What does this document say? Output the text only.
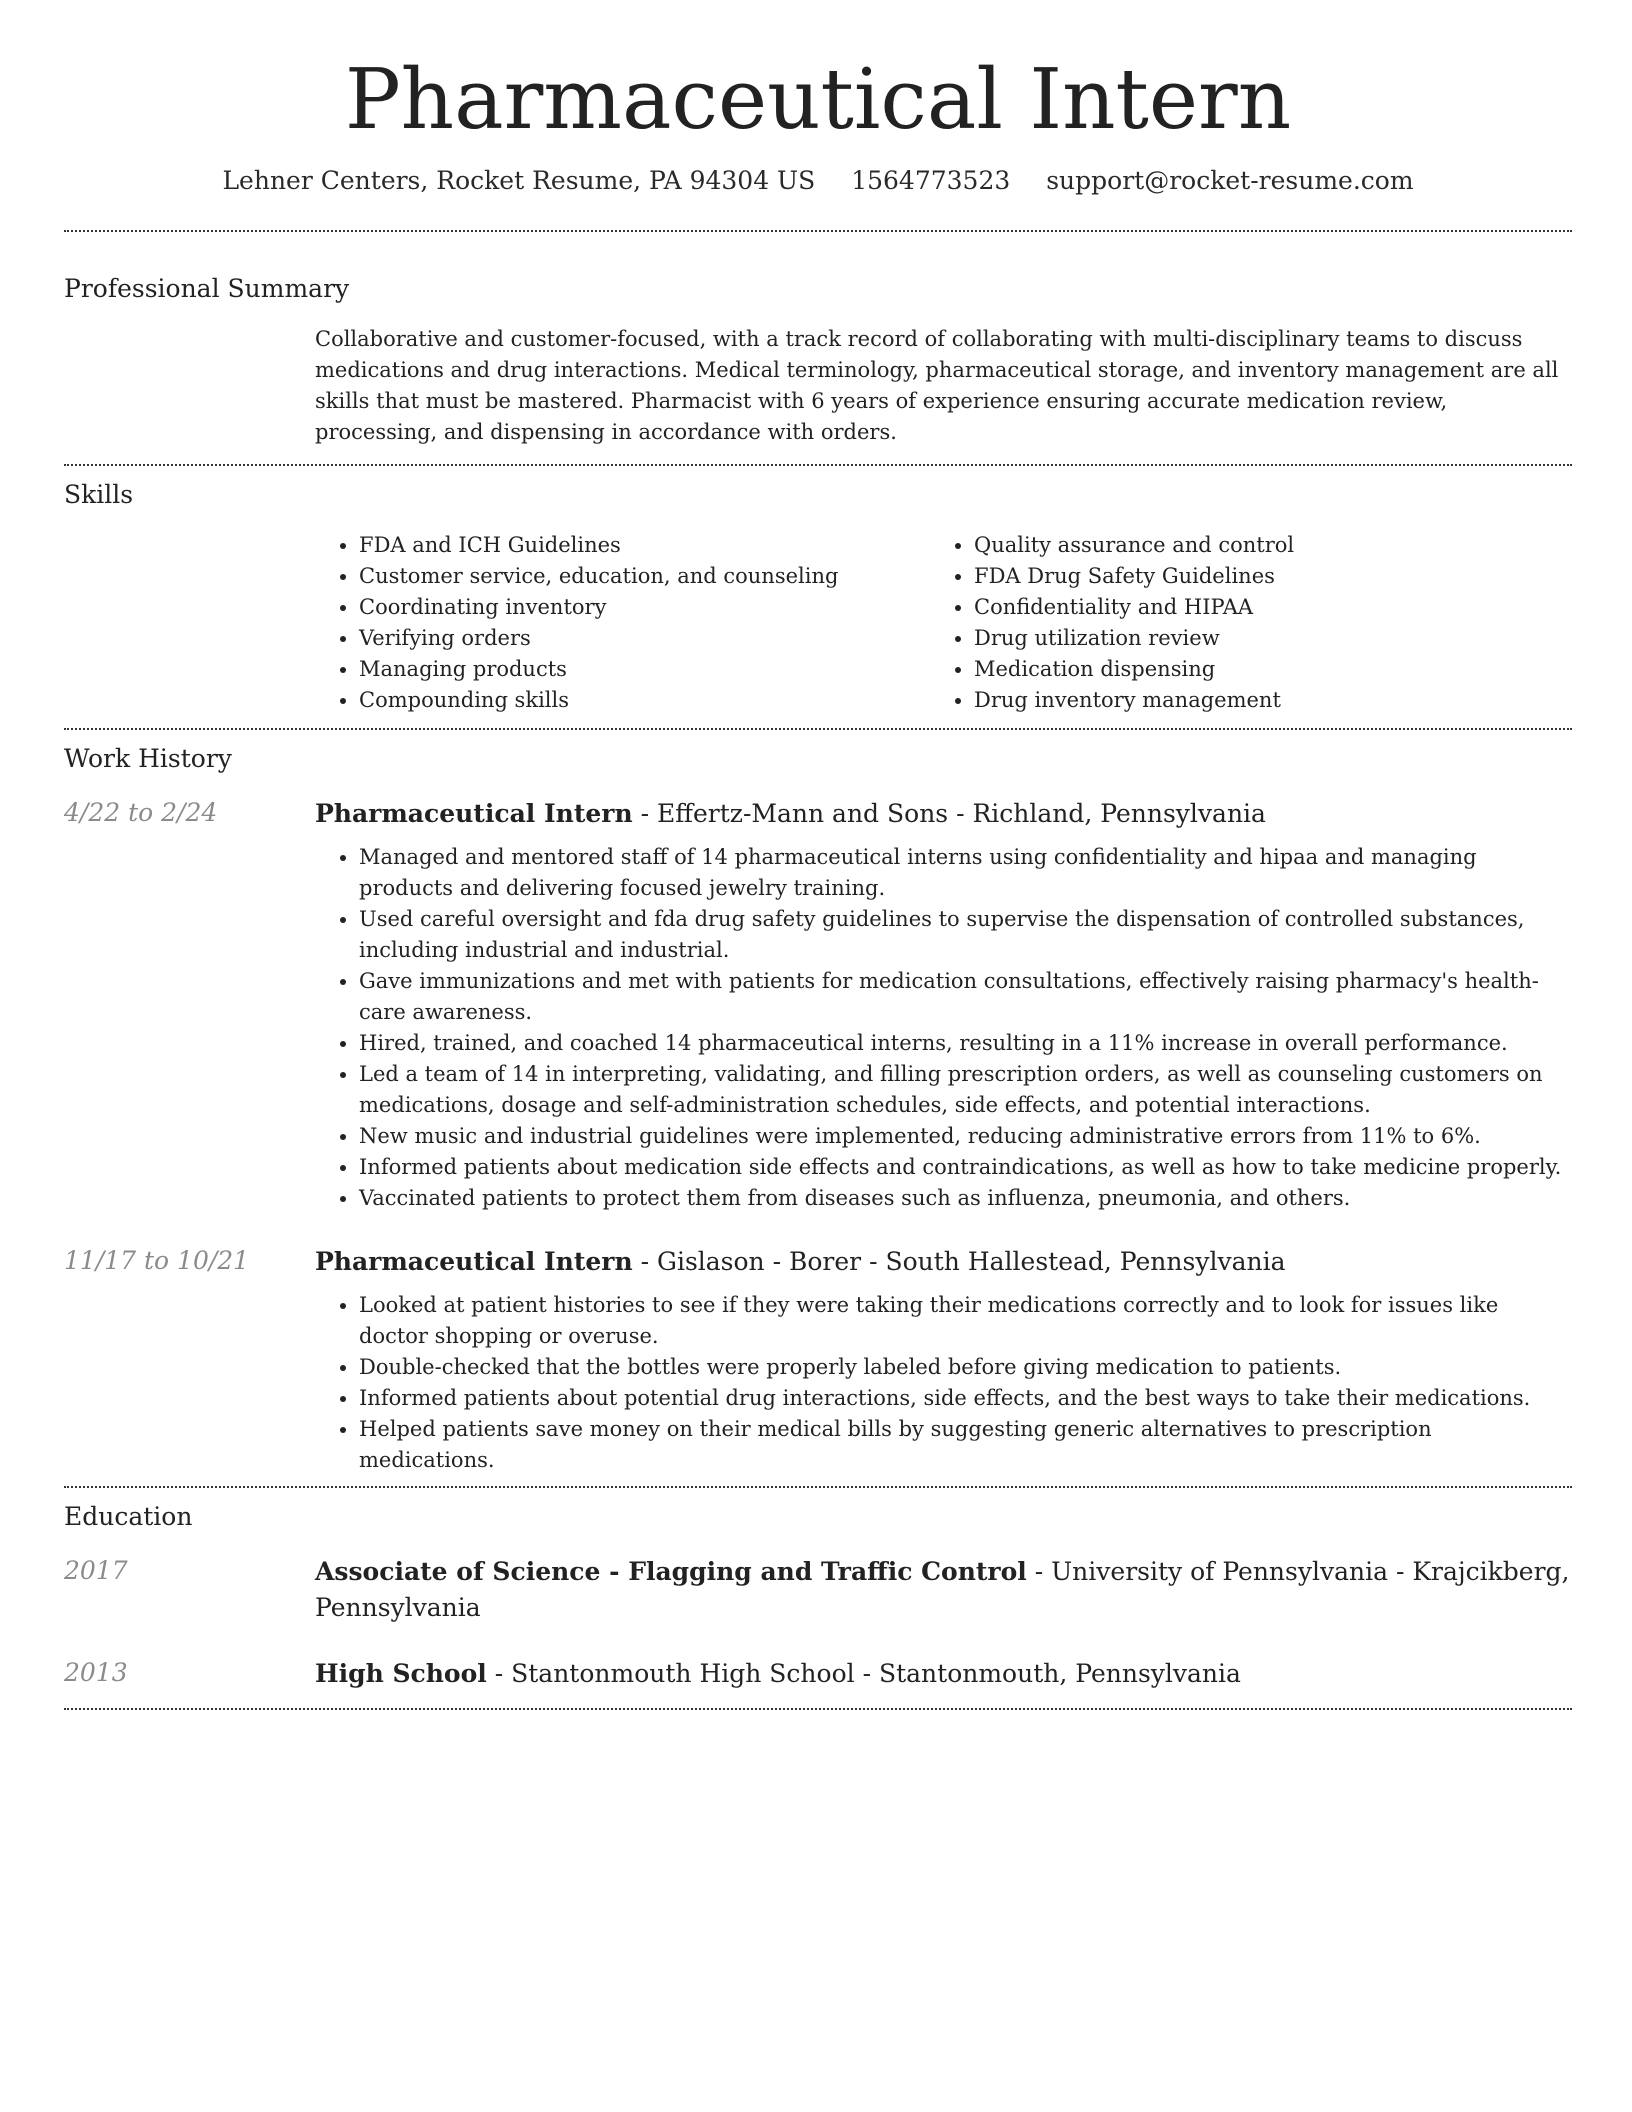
Pharmaceutical Intern
Lehner Centers, Rocket Resume, PA 94304 US 1564773523 support@rocket-resume.com
Professional Summary
Collaborative and customer-focused, with a track record of collaborating with multi-disciplinary teams to discuss medications and drug interactions. Medical terminology, pharmaceutical storage, and inventory management are all skills that must be mastered. Pharmacist with 6 years of experience ensuring accurate medication review, processing, and dispensing in accordance with orders.
Skills
• FDA and ICH Guidelines
• Customer service, education, and counseling
• Coordinating inventory
• Verifying orders
• Managing products
• Compounding skills
• Quality assurance and control
• FDA Drug Safety Guidelines
• Confidentiality and HIPAA
• Drug utilization review
• Medication dispensing
• Drug inventory management
Work History
4/22 to 2/24	Pharmaceutical Intern - Effertz-Mann and Sons - Richland, Pennsylvania
• Managed and mentored staff of 14 pharmaceutical interns using confidentiality and hipaa and managing products and delivering focused jewelry training.
• Used careful oversight and fda drug safety guidelines to supervise the dispensation of controlled substances, including industrial and industrial.
• Gave immunizations and met with patients for medication consultations, effectively raising pharmacy's health-care awareness.
• Hired, trained, and coached 14 pharmaceutical interns, resulting in a 11% increase in overall performance.
• Led a team of 14 in interpreting, validating, and filling prescription orders, as well as counseling customers on medications, dosage and self-administration schedules, side effects, and potential interactions.
• New music and industrial guidelines were implemented, reducing administrative errors from 11% to 6%.
• Informed patients about medication side effects and contraindications, as well as how to take medicine properly.
• Vaccinated patients to protect them from diseases such as influenza, pneumonia, and others.
11/17 to 10/21	Pharmaceutical Intern - Gislason - Borer - South Hallestead, Pennsylvania
• Looked at patient histories to see if they were taking their medications correctly and to look for issues like doctor shopping or overuse.
• Double-checked that the bottles were properly labeled before giving medication to patients.
• Informed patients about potential drug interactions, side effects, and the best ways to take their medications.
• Helped patients save money on their medical bills by suggesting generic alternatives to prescription medications.
Education
2017	Associate of Science - Flagging and Traffic Control - University of Pennsylvania - Krajcikberg, Pennsylvania
2013	High School - Stantonmouth High School - Stantonmouth, Pennsylvania
